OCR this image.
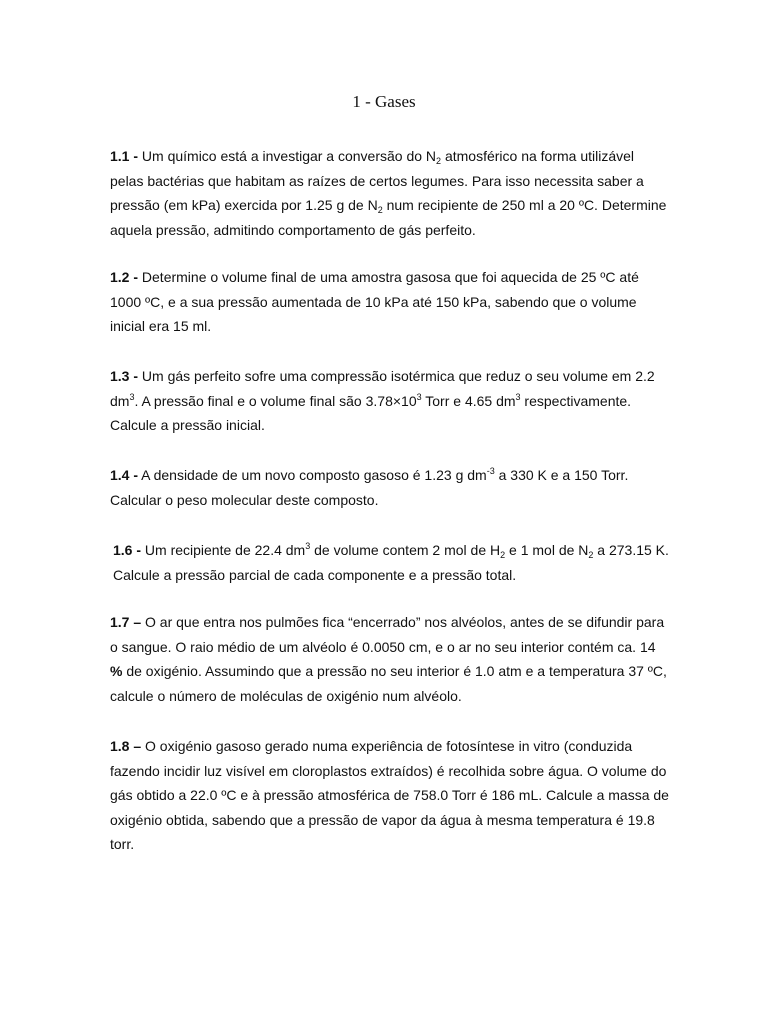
1 - Gases
1.1 - Um químico está a investigar a conversão do $N_2$ atmosférico na forma utilizável pelas bactérias que habitam as raízes de certos legumes. Para isso necessita saber a pressão (em kPa) exercida por 1.25 g de $N_2$ num recipiente de 250 ml a 20 ºC. Determine aquela pressão, admitindo comportamento de gás perfeito.
1.2 - Determine o volume final de uma amostra gasosa que foi aquecida de 25 ºC até 1000 ºC, e a sua pressão aumentada de 10 kPa até 150 kPa, sabendo que o volume inicial era 15 ml.
1.3 - Um gás perfeito sofre uma compressão isotérmica que reduz o seu volume em 2.2 $dm^3$. A pressão final e o volume final são $3.78\times 10^3$ Torr e 4.65 $dm^3$ respectivamente. Calcule a pressão inicial.
1.4 - A densidade de um novo composto gasoso é 1.23 g $dm^{-3}$ a 330 K e a 150 Torr. Calcular o peso molecular deste composto.
1.6 - Um recipiente de 22.4 $dm^3$ de volume contem 2 mol de $H_2$ e 1 mol de $N_2$ a 273.15 K. Calcule a pressão parcial de cada componente e a pressão total.
1.7 – O ar que entra nos pulmões fica “encerrado” nos alvéolos, antes de se difundir para o sangue. O raio médio de um alvéolo é 0.0050 cm, e o ar no seu interior contém ca. 14 % de oxigénio. Assumindo que a pressão no seu interior é 1.0 atm e a temperatura 37 ºC, calcule o número de moléculas de oxigénio num alvéolo.
1.8 – O oxigénio gasoso gerado numa experiência de fotosíntese in vitro (conduzida fazendo incidir luz visível em cloroplastos extraídos) é recolhida sobre água. O volume do gás obtido a 22.0 ºC e à pressão atmosférica de 758.0 Torr é 186 mL. Calcule a massa de oxigénio obtida, sabendo que a pressão de vapor da água à mesma temperatura é 19.8 torr.
